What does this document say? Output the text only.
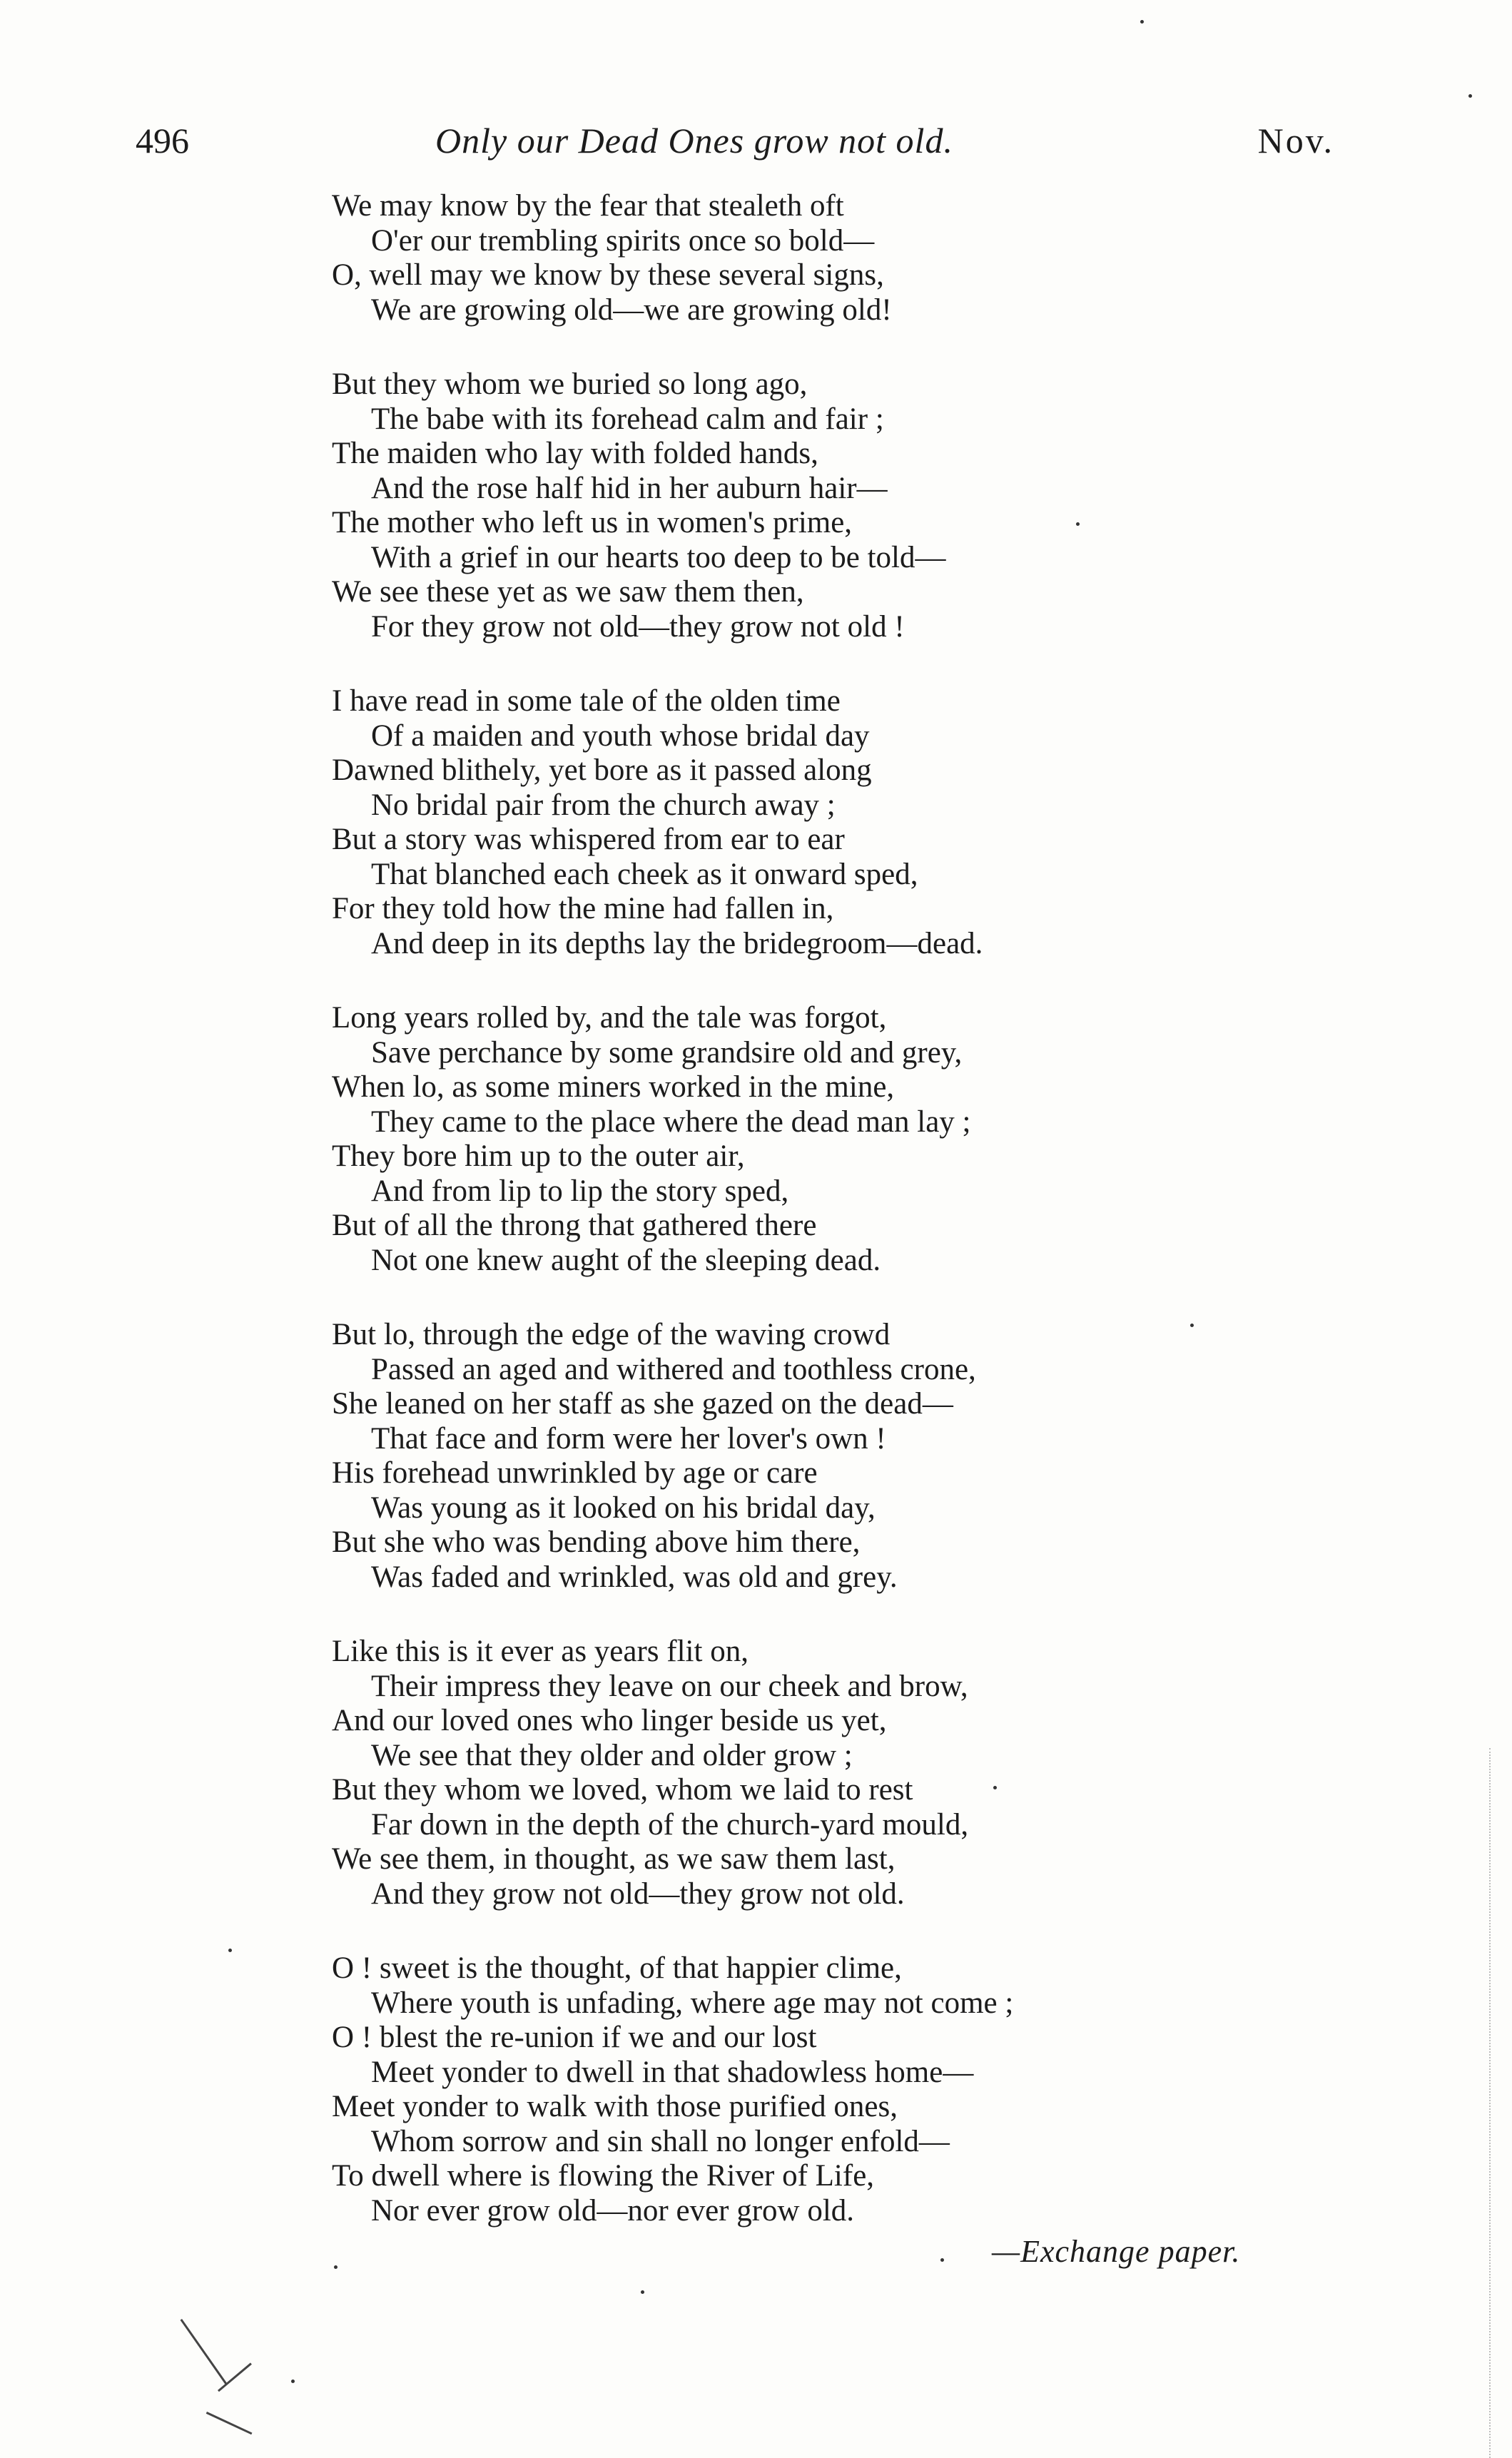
496	Only our Dead Ones grow not old.	Nov.
We may know by the fear that stealeth oft
O'er our trembling spirits once so bold—
O, well may we know by these several signs,
We are growing old—we are growing old!
But they whom we buried so long ago,
The babe with its forehead calm and fair ;
The maiden who lay with folded hands,
And the rose half hid in her auburn hair—
The mother who left us in women's prime,
With a grief in our hearts too deep to be told—
We see these yet as we saw them then,
For they grow not old—they grow not old !
I have read in some tale of the olden time
Of a maiden and youth whose bridal day
Dawned blithely, yet bore as it passed along
No bridal pair from the church away ;
But a story was whispered from ear to ear
That blanched each cheek as it onward sped,
For they told how the mine had fallen in,
And deep in its depths lay the bridegroom—dead.
Long years rolled by, and the tale was forgot,
Save perchance by some grandsire old and grey,
When lo, as some miners worked in the mine,
They came to the place where the dead man lay ;
They bore him up to the outer air,
And from lip to lip the story sped,
But of all the throng that gathered there
Not one knew aught of the sleeping dead.
But lo, through the edge of the waving crowd
Passed an aged and withered and toothless crone,
She leaned on her staff as she gazed on the dead—
That face and form were her lover's own !
His forehead unwrinkled by age or care
Was young as it looked on his bridal day,
But she who was bending above him there,
Was faded and wrinkled, was old and grey.
Like this is it ever as years flit on,
Their impress they leave on our cheek and brow,
And our loved ones who linger beside us yet,
We see that they older and older grow ;
But they whom we loved, whom we laid to rest
Far down in the depth of the church-yard mould,
We see them, in thought, as we saw them last,
And they grow not old—they grow not old.
O ! sweet is the thought, of that happier clime,
Where youth is unfading, where age may not come ;
O ! blest the re-union if we and our lost
Meet yonder to dwell in that shadowless home—
Meet yonder to walk with those purified ones,
Whom sorrow and sin shall no longer enfold—
To dwell where is flowing the River of Life,
Nor ever grow old—nor ever grow old.
—Exchange paper.
